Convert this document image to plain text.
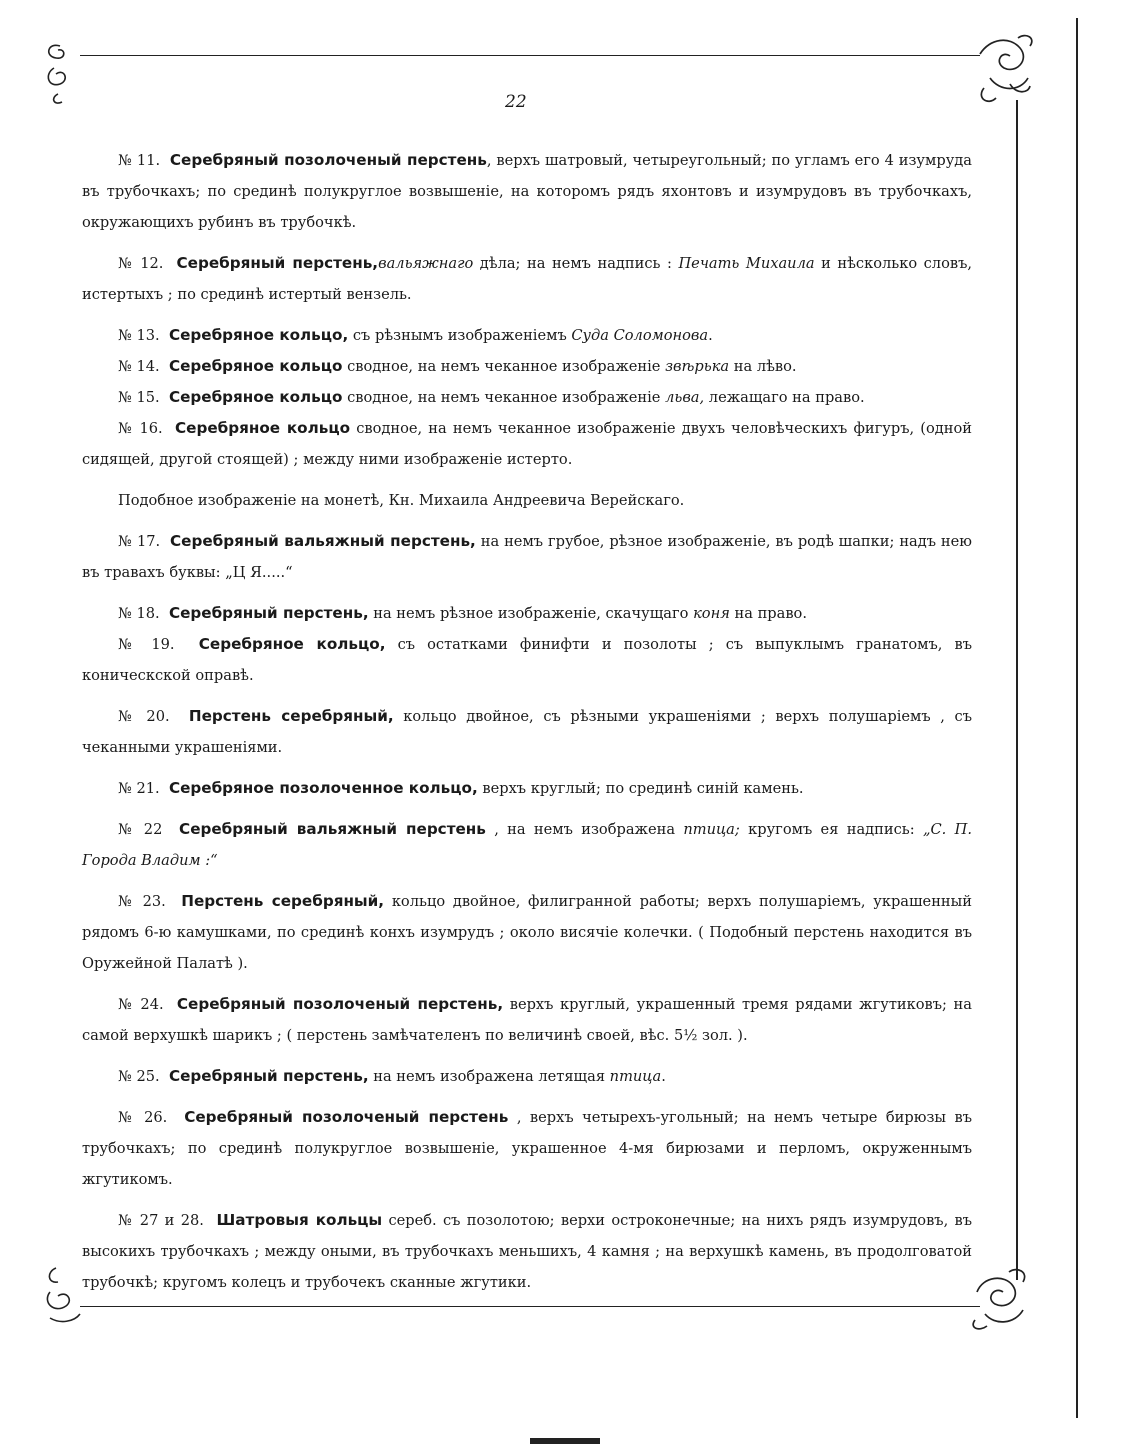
22

№ 11. Серебряный позолоченый перстень, верхъ шатровый, четыреугольный; по угламъ его 4 изумруда въ трубочкахъ; по срединѣ полукруглое возвышеніе, на которомъ рядъ яхонтовъ и изумрудовъ въ трубочкахъ, окружающихъ рубинъ въ трубочкѣ.

№ 12. Серебряный перстень,вальяжнаго дѣла; на немъ надпись : Печать Михаила и нѣсколько словъ, истертыхъ ; по срединѣ истертый вензель.

№ 13. Серебряное кольцо, съ рѣзнымъ изображеніемъ Суда Соломонова.

№ 14. Серебряное кольцо сводное, на немъ чеканное изображеніе звѣрька на лѣво.

№ 15. Серебряное кольцо сводное, на немъ чеканное изображеніе льва, лежащаго на право.

№ 16. Серебряное кольцо сводное, на немъ чеканное изображеніе двухъ человѣческихъ фигуръ, (одной сидящей, другой стоящей) ; между ними изображеніе истерто.

Подобное изображеніе на монетѣ, Кн. Михаила Андреевича Верейскаго.

№ 17. Серебряный вальяжный перстень, на немъ грубое, рѣзное изображеніе, въ родѣ шапки; надъ нею въ травахъ буквы: „Ц Я.....“

№ 18. Серебряный перстень, на немъ рѣзное изображеніе, скачущаго коня на право.

№ 19. Серебряное кольцо, съ остатками финифти и позолоты ; съ выпуклымъ гранатомъ, въ коническской оправѣ.

№ 20. Перстень серебряный, кольцо двойное, съ рѣзными украшеніями ; верхъ полушаріемъ , съ чеканными украшеніями.

№ 21. Серебряное позолоченное кольцо, верхъ круглый; по срединѣ синій камень.

№ 22 Серебряный вальяжный перстень , на немъ изображена птица; кругомъ ея надпись: „С. П. Города Владим :“

№ 23. Перстень серебряный, кольцо двойное, филигранной работы; верхъ полушаріемъ, украшенный рядомъ 6-ю камушками, по срединѣ конхъ изумрудъ ; около висячіе колечки. ( Подобный перстень находится въ Оружейной Палатѣ ).

№ 24. Серебряный позолоченый перстень, верхъ круглый, украшенный тремя рядами жгутиковъ; на самой верхушкѣ шарикъ ; ( перстень замѣчателенъ по величинѣ своей, вѣс. 5½ зол. ).

№ 25. Серебряный перстень, на немъ изображена летящая птица.

№ 26. Серебряный позолоченый перстень , верхъ четырехъ-угольный; на немъ четыре бирюзы въ трубочкахъ; по срединѣ полукруглое возвышеніе, украшенное 4-мя бирюзами и перломъ, окруженнымъ жгутикомъ.

№ 27 и 28. Шатровыя кольцы сереб. съ позолотою; верхи остроконечные; на нихъ рядъ изумрудовъ, въ высокихъ трубочкахъ ; между оными, въ трубочкахъ меньшихъ, 4 камня ; на верхушкѣ камень, въ продолговатой трубочкѣ; кругомъ колецъ и трубочекъ сканные жгутики.
